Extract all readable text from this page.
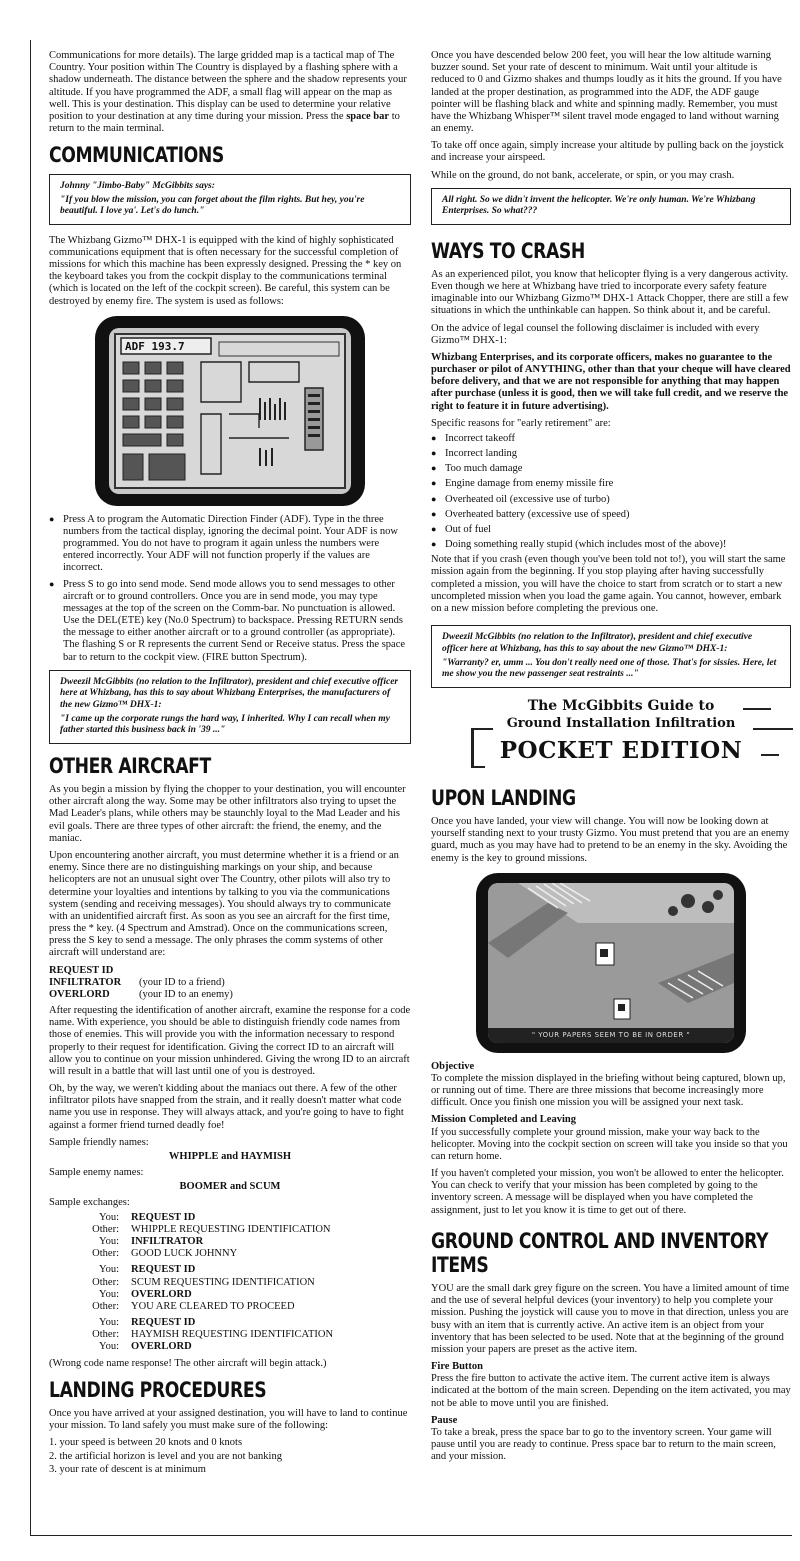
Communications for more details). The large gridded map is a tactical map of The Country. Your position within The Country is displayed by a flashing sphere with a shadow underneath. The distance between the sphere and the shadow represents your altitude. If you have programmed the ADF, a small flag will appear on the map as well. This is your destination. This display can be used to determine your relative position to your destination at any time during your mission. Press the space bar to return to the main terminal.

COMMUNICATIONS
Johnny "Jimbo-Baby" McGibbits says:
"If you blow the mission, you can forget about the film rights. But hey, you're beautiful. I love ya'. Let's do lunch."

The Whizbang Gizmo™ DHX-1 is equipped with the kind of highly sophisticated communications equipment that is often necessary for the successful completion of missions for which this machine has been expressly designed. Pressing the * key on the keyboard takes you from the cockpit display to the communications terminal (which is located on the left of the cockpit screen). Be careful, this system can be destroyed by enemy fire. The system is used as follows:

ADF 193.7
● Press A to program the Automatic Direction Finder (ADF). Type in the three numbers from the tactical display, ignoring the decimal point. Your ADF is now programmed. You do not have to program it again unless the numbers were entered incorrectly. Your ADF will not function properly if the values are incorrect.
● Press S to go into send mode. Send mode allows you to send messages to other aircraft or to ground controllers. Once you are in send mode, you may type messages at the top of the screen on the Comm-bar. No punctuation is allowed. Use the DEL(ETE) key (No.0 Spectrum) to backspace. Pressing RETURN sends the message to either another aircraft or to a ground controller (as appropriate). The flashing S or R represents the current Send or Receive status. Press the space bar to return to the cockpit view. (FIRE button Spectrum).
Dweezil McGibbits (no relation to the Infiltrator), president and chief executive officer here at Whizbang, has this to say about Whizbang Enterprises, the manufacturers of the new Gizmo™ DHX-1:
"I came up the corporate rungs the hard way, I inherited. Why I can recall when my father started this business back in '39 ..."
OTHER AIRCRAFT

As you begin a mission by flying the chopper to your destination, you will encounter other aircraft along the way. Some may be other infiltrators also trying to upset the Mad Leader's plans, while others may be staunchly loyal to the Mad Leader and his evil goals. There are three types of other aircraft: the friend, the enemy, and the maniac.

Upon encountering another aircraft, you must determine whether it is a friend or an enemy. Since there are no distinguishing markings on your ship, and because helicopters are not an unusual sight over The Country, other pilots will also try to determine your loyalties and intentions by talking to you via the communications system (sending and receiving messages). You should always try to communicate with an unidentified aircraft first. As soon as you see an aircraft for the first time, press the * key. (4 Spectrum and Amstrad). Once on the communications screen, press the S key to send a message. The only phrases the comm systems of other aircraft will understand are:

REQUEST ID
INFILTRATOR	(your ID to a friend)
OVERLORD	(your ID to an enemy)

After requesting the identification of another aircraft, examine the response for a code name. With experience, you should be able to distinguish friendly code names from those of enemies. This will provide you with the information necessary to respond properly to their request for identification. Giving the correct ID to an aircraft will allow you to continue on your mission unhindered. Giving the wrong ID to an aircraft will result in a battle that will last until one of you is destroyed.

Oh, by the way, we weren't kidding about the maniacs out there. A few of the other infiltrator pilots have snapped from the strain, and it really doesn't matter what code name you use in response. They will always attack, and you're going to have to fight against a former friend turned deadly foe!

Sample friendly names:
WHIPPLE and HAYMISH
Sample enemy names:
BOOMER and SCUM
Sample exchanges:
You:	REQUEST ID
Other:	WHIPPLE REQUESTING IDENTIFICATION
You:	INFILTRATOR
Other:	GOOD LUCK JOHNNY
You:	REQUEST ID
Other:	SCUM REQUESTING IDENTIFICATION
You:	OVERLORD
Other:	YOU ARE CLEARED TO PROCEED
You:	REQUEST ID
Other:	HAYMISH REQUESTING IDENTIFICATION
You:	OVERLORD

(Wrong code name response! The other aircraft will begin attack.)

LANDING PROCEDURES

Once you have arrived at your assigned destination, you will have to land to continue your mission. To land safely you must make sure of the following:

1. your speed is between 20 knots and 0 knots
2. the artificial horizon is level and you are not banking
3. your rate of descent is at minimum

Once you have descended below 200 feet, you will hear the low altitude warning buzzer sound. Set your rate of descent to minimum. Wait until your altitude is reduced to 0 and Gizmo shakes and thumps loudly as it hits the ground. If you have landed at the proper destination, as programmed into the ADF, the ADF gauge pointer will be flashing black and white and spinning madly. Remember, you must have the Whizbang Whisper™ silent travel mode engaged to land without warning an enemy.

To take off once again, simply increase your altitude by pulling back on the joystick and increase your airspeed.

While on the ground, do not bank, accelerate, or spin, or you may crash.

All right. So we didn't invent the helicopter. We're only human. We're Whizbang Enterprises. So what???
WAYS TO CRASH

As an experienced pilot, you know that helicopter flying is a very dangerous activity. Even though we here at Whizbang have tried to incorporate every safety feature imaginable into our Whizbang Gizmo™ DHX-1 Attack Chopper, there are still a few situations in which the unthinkable can happen. So think about it, and be careful.

On the advice of legal counsel the following disclaimer is included with every Gizmo™ DHX-1:

Whizbang Enterprises, and its corporate officers, makes no guarantee to the purchaser or pilot of ANYTHING, other than that your cheque will have cleared before delivery, and that we are not responsible for anything that may happen after purchase (unless it is good, then we will take full credit, and we reserve the right to feature it in future advertising).

Specific reasons for "early retirement" are:
● Incorrect takeoff
● Incorrect landing
● Too much damage
● Engine damage from enemy missile fire
● Overheated oil (excessive use of turbo)
● Overheated battery (excessive use of speed)
● Out of fuel
● Doing something really stupid (which includes most of the above)!

Note that if you crash (even though you've been told not to!), you will start the same mission again from the beginning. If you stop playing after having successfully completed a mission, you will have the choice to start from scratch or to start a new uncompleted mission when you load the game again. You cannot, however, embark on a new mission before completing the previous one.

Dweezil McGibbits (no relation to the Infiltrator), president and chief executive officer here at Whizbang, has this to say about the new Gizmo™ DHX-1:
"Warranty? er, umm ... You don't really need one of those. That's for sissies. Here, let me show you the new passenger seat restraints ..."
The McGibbits Guide to
Ground Installation Infiltration
POCKET EDITION
UPON LANDING

Once you have landed, your view will change. You will now be looking down at yourself standing next to your trusty Gizmo. You must pretend that you are an enemy guard, much as you may have had to pretend to be an enemy in the sky. Avoiding the enemy is the key to ground missions.

" YOUR PAPERS SEEM TO BE IN ORDER "
Objective

To complete the mission displayed in the briefing without being captured, blown up, or running out of time. There are three missions that become increasingly more difficult. Once you finish one mission you will be assigned your next task.

Mission Completed and Leaving

If you successfully complete your ground mission, make your way back to the helicopter. Moving into the cockpit section on screen will take you inside so that you can return home.

If you haven't completed your mission, you won't be allowed to enter the helicopter. You can check to verify that your mission has been completed by going to the inventory screen. A message will be displayed when you have completed the assignment, just to let you know it is time to get out of there.

GROUND CONTROL AND INVENTORY
ITEMS

YOU are the small dark grey figure on the screen. You have a limited amount of time and the use of several helpful devices (your inventory) to help you complete your mission. Pushing the joystick will cause you to move in that direction, unless you are busy with an item that is currently active. An active item is an object from your inventory that has been selected to be used. Note that at the beginning of the ground mission your papers are preset as the active item.

Fire Button

Press the fire button to activate the active item. The current active item is always indicated at the bottom of the main screen. Depending on the item activated, you may not be able to move until you are finished.

Pause

To take a break, press the space bar to go to the inventory screen. Your game will pause until you are ready to continue. Press space bar to return to the main screen, and your mission.
